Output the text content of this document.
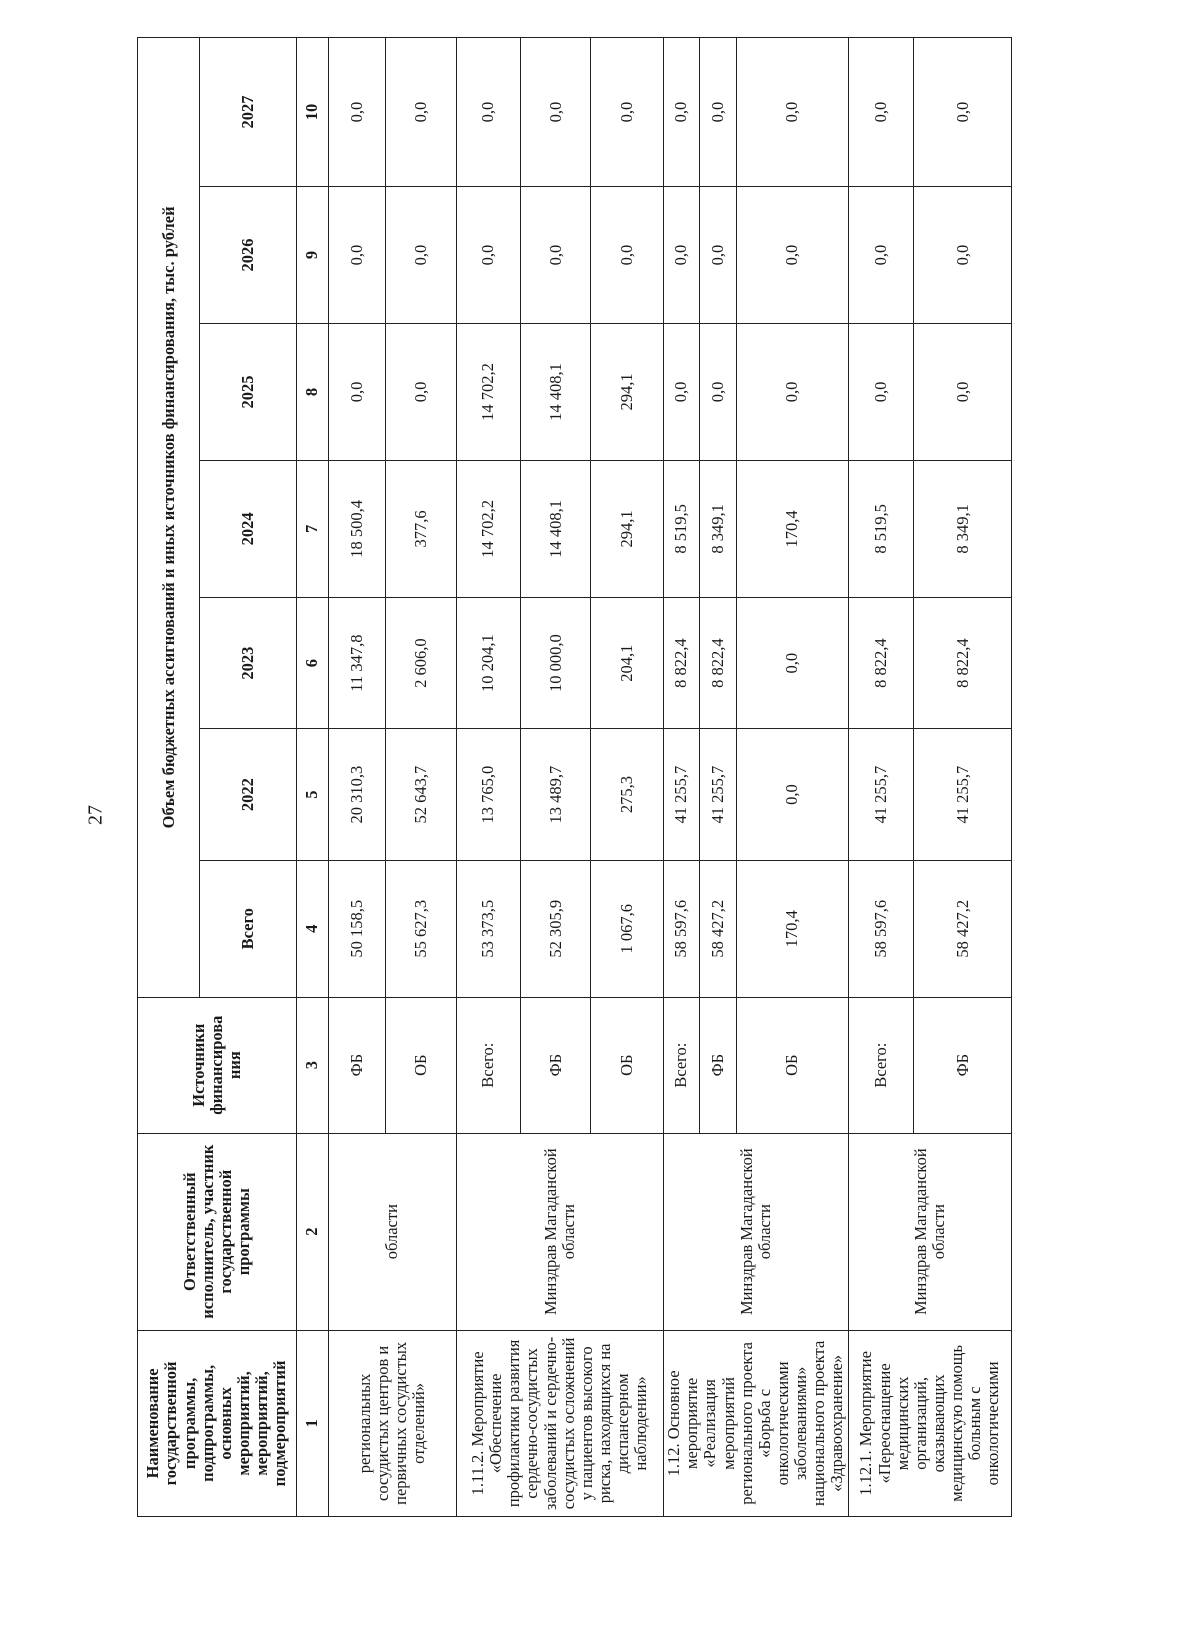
27
Наименование государственной программы, подпрограммы, основных мероприятий, мероприятий, подмероприятий	Ответственный исполнитель, участник государственной программы	Источники финансирова ния	Объем бюджетных ассигнований и иных источников финансирования, тыс. рублей						
			Всего	2022	2023	2024	2025	2026	2027
1	2	3	4	5	6	7	8	9	10
региональных сосудистых центров и первичных сосудистых отделений»	области	ФБ	50 158,5	20 310,3	11 347,8	18 500,4	0,0	0,0	0,0
		ОБ	55 627,3	52 643,7	2 606,0	377,6	0,0	0,0	0,0
1.11.2. Мероприятие «Обеспечение профилактики развития сердечно-сосудистых заболеваний и сердечно-сосудистых осложнений у пациентов высокого риска, находящихся на диспансерном наблюдении»	Минздрав Магаданской области	Всего:	53 373,5	13 765,0	10 204,1	14 702,2	14 702,2	0,0	0,0
		ФБ	52 305,9	13 489,7	10 000,0	14 408,1	14 408,1	0,0	0,0
		ОБ	1 067,6	275,3	204,1	294,1	294,1	0,0	0,0
1.12. Основное мероприятие «Реализация мероприятий регионального проекта «Борьба с онкологическими заболеваниями» национального проекта «Здравоохранение»	Минздрав Магаданской области	Всего:	58 597,6	41 255,7	8 822,4	8 519,5	0,0	0,0	0,0
		ФБ	58 427,2	41 255,7	8 822,4	8 349,1	0,0	0,0	0,0
		ОБ	170,4	0,0	0,0	170,4	0,0	0,0	0,0
1.12.1. Мероприятие «Переоснащение медицинских организаций, оказывающих медицинскую помощь больным с онкологическими	Минздрав Магаданской области	Всего:	58 597,6	41 255,7	8 822,4	8 519,5	0,0	0,0	0,0
		ФБ	58 427,2	41 255,7	8 822,4	8 349,1	0,0	0,0	0,0
